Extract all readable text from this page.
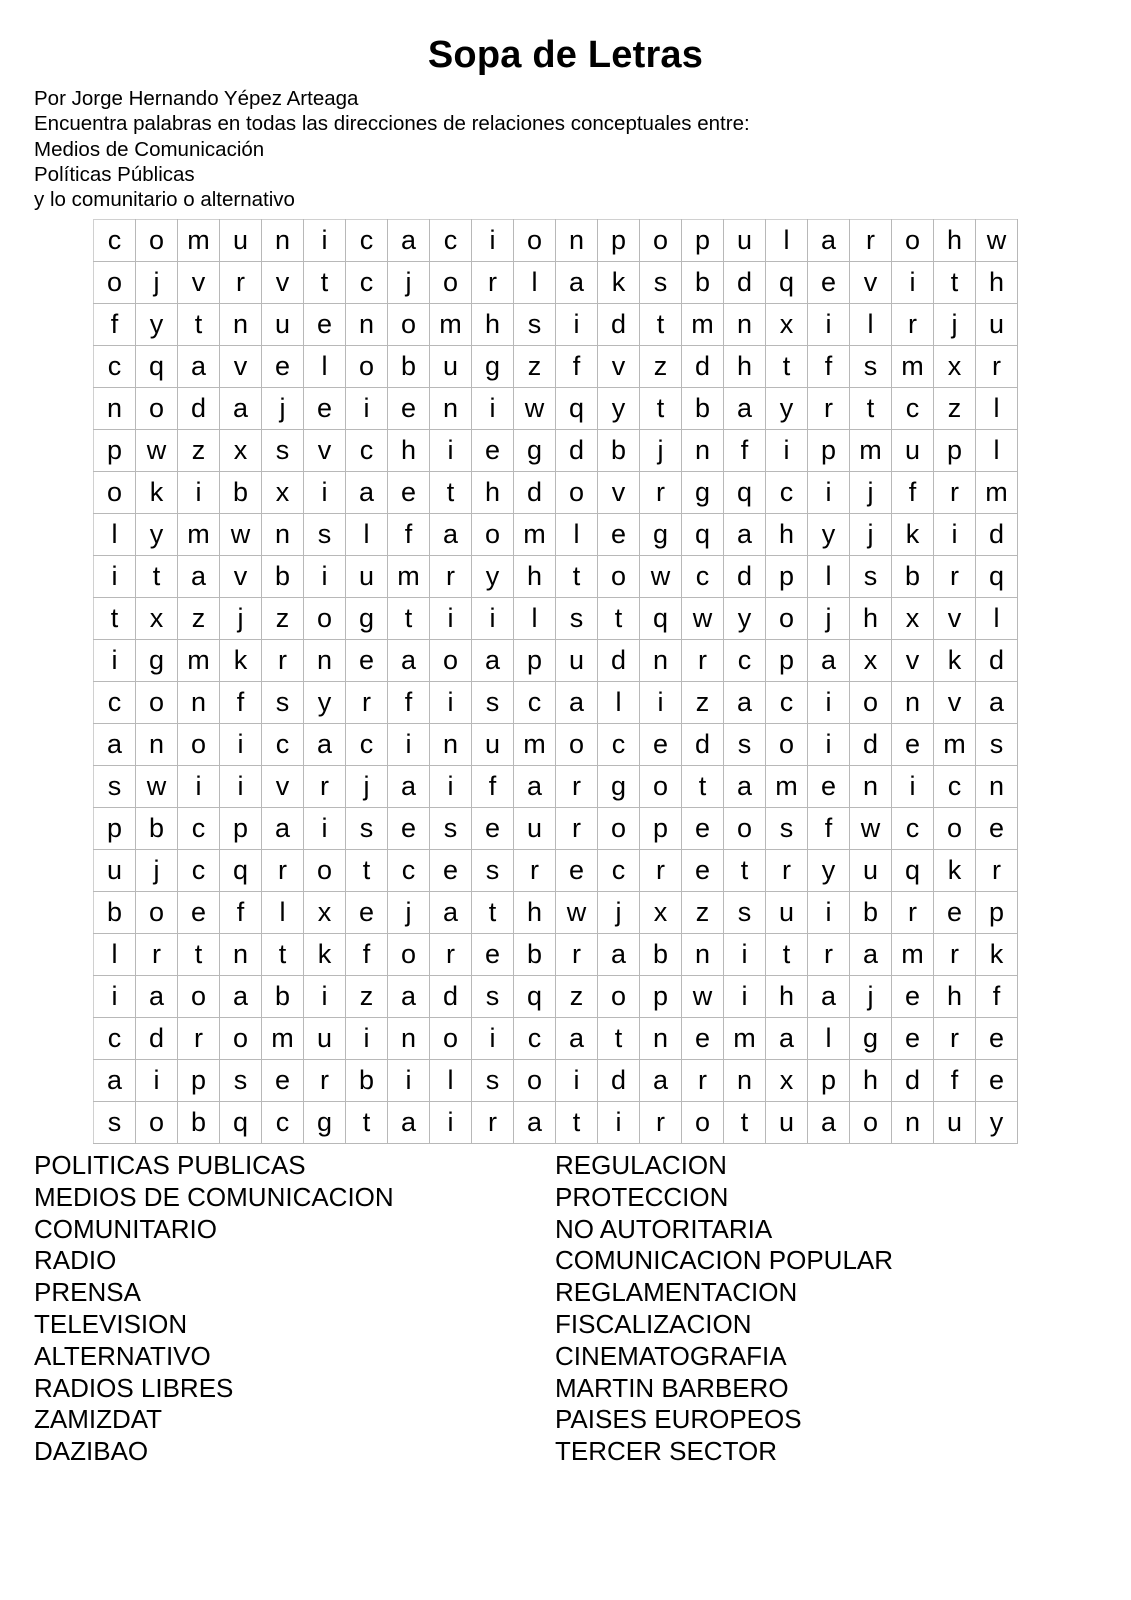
Sopa de Letras
Por Jorge Hernando Yépez Arteaga
Encuentra palabras en todas las direcciones de relaciones conceptuales entre:
Medios de Comunicación
Políticas Públicas
y lo comunitario o alternativo
c	o	m	u	n	i	c	a	c	i	o	n	p	o	p	u	l	a	r	o	h	w
o	j	v	r	v	t	c	j	o	r	l	a	k	s	b	d	q	e	v	i	t	h
f	y	t	n	u	e	n	o	m	h	s	i	d	t	m	n	x	i	l	r	j	u
c	q	a	v	e	l	o	b	u	g	z	f	v	z	d	h	t	f	s	m	x	r
n	o	d	a	j	e	i	e	n	i	w	q	y	t	b	a	y	r	t	c	z	l
p	w	z	x	s	v	c	h	i	e	g	d	b	j	n	f	i	p	m	u	p	l
o	k	i	b	x	i	a	e	t	h	d	o	v	r	g	q	c	i	j	f	r	m
l	y	m	w	n	s	l	f	a	o	m	l	e	g	q	a	h	y	j	k	i	d
i	t	a	v	b	i	u	m	r	y	h	t	o	w	c	d	p	l	s	b	r	q
t	x	z	j	z	o	g	t	i	i	l	s	t	q	w	y	o	j	h	x	v	l
i	g	m	k	r	n	e	a	o	a	p	u	d	n	r	c	p	a	x	v	k	d
c	o	n	f	s	y	r	f	i	s	c	a	l	i	z	a	c	i	o	n	v	a
a	n	o	i	c	a	c	i	n	u	m	o	c	e	d	s	o	i	d	e	m	s
s	w	i	i	v	r	j	a	i	f	a	r	g	o	t	a	m	e	n	i	c	n
p	b	c	p	a	i	s	e	s	e	u	r	o	p	e	o	s	f	w	c	o	e
u	j	c	q	r	o	t	c	e	s	r	e	c	r	e	t	r	y	u	q	k	r
b	o	e	f	l	x	e	j	a	t	h	w	j	x	z	s	u	i	b	r	e	p
l	r	t	n	t	k	f	o	r	e	b	r	a	b	n	i	t	r	a	m	r	k
i	a	o	a	b	i	z	a	d	s	q	z	o	p	w	i	h	a	j	e	h	f
c	d	r	o	m	u	i	n	o	i	c	a	t	n	e	m	a	l	g	e	r	e
a	i	p	s	e	r	b	i	l	s	o	i	d	a	r	n	x	p	h	d	f	e
s	o	b	q	c	g	t	a	i	r	a	t	i	r	o	t	u	a	o	n	u	y
POLITICAS PUBLICAS
MEDIOS DE COMUNICACION
COMUNITARIO
RADIO
PRENSA
TELEVISION
ALTERNATIVO
RADIOS LIBRES
ZAMIZDAT
DAZIBAO
REGULACION
PROTECCION
NO AUTORITARIA
COMUNICACION POPULAR
REGLAMENTACION
FISCALIZACION
CINEMATOGRAFIA
MARTIN BARBERO
PAISES EUROPEOS
TERCER SECTOR
